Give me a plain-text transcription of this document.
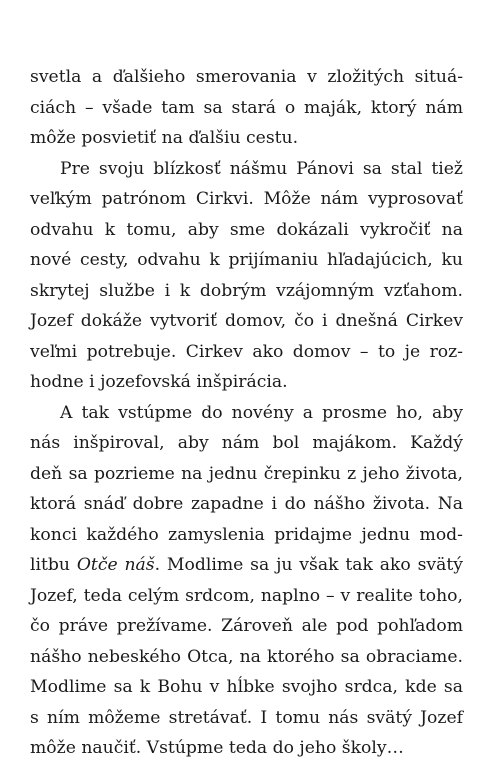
svetla a ďalšieho smerovania v zložitých situá-
ciách – všade tam sa stará o maják, ktorý nám
môže posvietiť na ďalšiu cestu.
Pre svoju blízkosť nášmu Pánovi sa stal tiež
veľkým patrónom Cirkvi. Môže nám vyprosovať
odvahu k tomu, aby sme dokázali vykročiť na
nové cesty, odvahu k prijímaniu hľadajúcich, ku
skrytej službe i k dobrým vzájomným vzťahom.
Jozef dokáže vytvoriť domov, čo i dnešná Cirkev
veľmi potrebuje. Cirkev ako domov – to je roz-
hodne i jozefovská inšpirácia.
A tak vstúpme do novény a prosme ho, aby
nás inšpiroval, aby nám bol majákom. Každý
deň sa pozrieme na jednu črepinku z jeho života,
ktorá snáď dobre zapadne i do nášho života. Na
konci každého zamyslenia pridajme jednu mod-
litbu Otče náš. Modlime sa ju však tak ako svätý
Jozef, teda celým srdcom, naplno – v realite toho,
čo práve prežívame. Zároveň ale pod pohľadom
nášho nebeského Otca, na ktorého sa obraciame.
Modlime sa k Bohu v hĺbke svojho srdca, kde sa
s ním môžeme stretávať. I tomu nás svätý Jozef
môže naučiť. Vstúpme teda do jeho školy…
